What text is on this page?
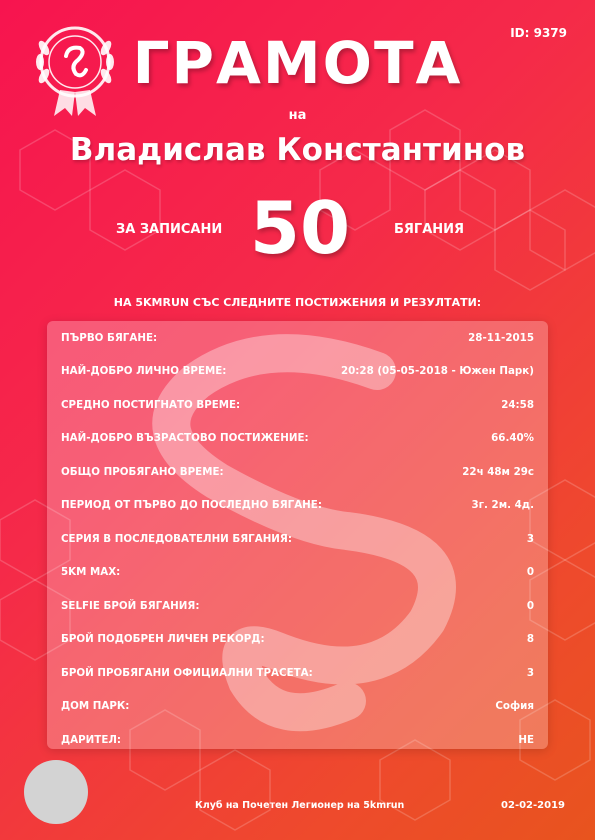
ID: 9379
ГРАМОТА
на
Владислав Константинов
ЗА ЗАПИСАНИ 50	БЯГАНИЯ
НА 5KMRUN СЪС СЛЕДНИТЕ ПОСТИЖЕНИЯ И РЕЗУЛТАТИ:
ПЪРВО БЯГАНЕ:	28-11-2015
НАЙ-ДОБРО ЛИЧНО ВРЕМЕ:	20:28 (05-05-2018 - Южен Парк)
СРЕДНО ПОСТИГНАТО ВРЕМЕ:	24:58
НАЙ-ДОБРО ВЪЗРАСТОВО ПОСТИЖЕНИЕ:	66.40%
ОБЩО ПРОБЯГАНО ВРЕМЕ:	22ч 48м 29с
ПЕРИОД ОТ ПЪРВО ДО ПОСЛЕДНО БЯГАНЕ:	3г. 2м. 4д.
СЕРИЯ В ПОСЛЕДОВАТЕЛНИ БЯГАНИЯ:	3
5KM MAX:	0
SELFIE БРОЙ БЯГАНИЯ:	0
БРОЙ ПОДОБРЕН ЛИЧЕН РЕКОРД:	8
БРОЙ ПРОБЯГАНИ ОФИЦИАЛНИ ТРАСЕТА:	3
ДОМ ПАРК:	София
ДАРИТЕЛ:	НЕ
Клуб на Почетен Легионер на 5kmrun	02-02-2019
